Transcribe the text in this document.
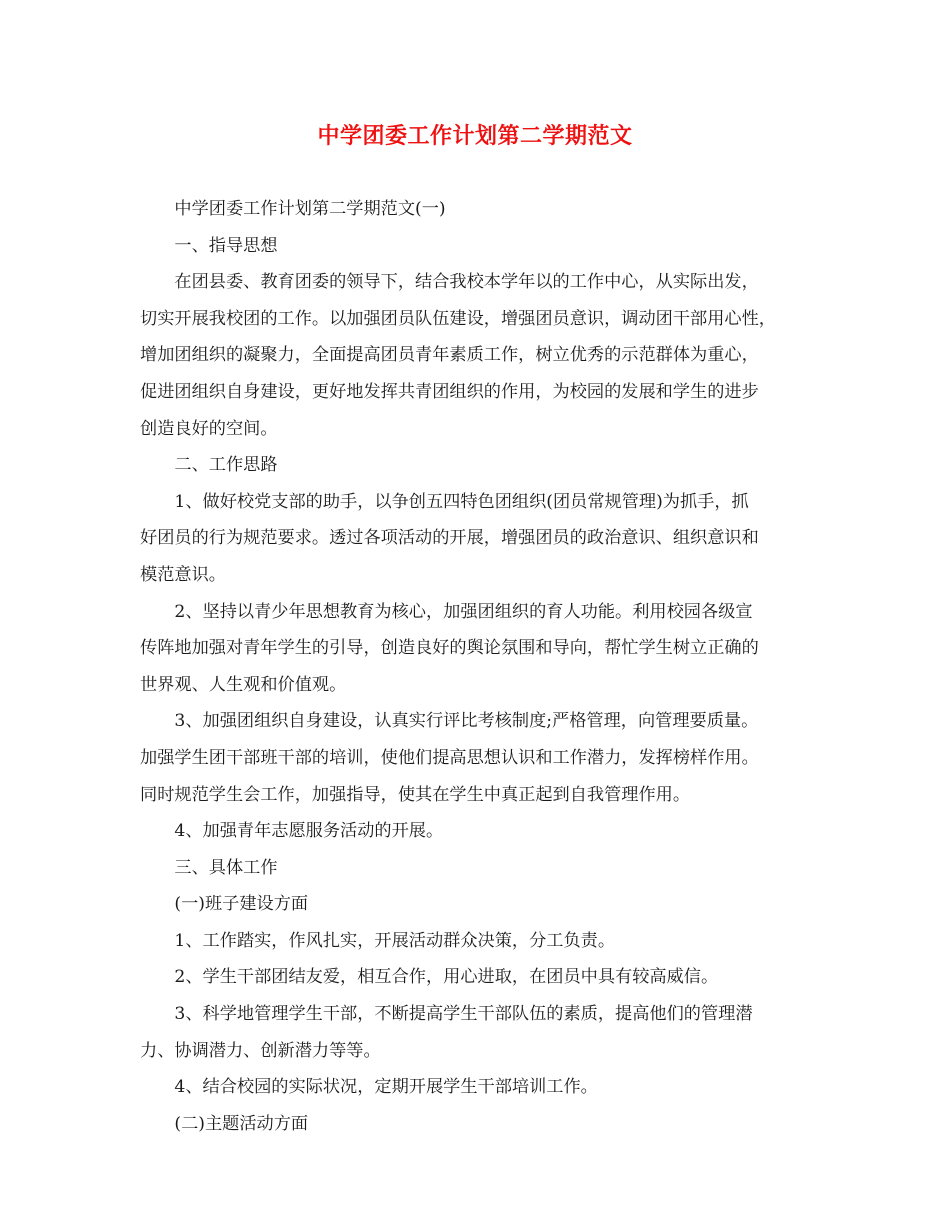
中学团委工作计划第二学期范文
中学团委工作计划第二学期范文(一)
一、指导思想
在团县委、教育团委的领导下，结合我校本学年以的工作中心，从实际出发，
切实开展我校团的工作。以加强团员队伍建设，增强团员意识，调动团干部用心性，
增加团组织的凝聚力，全面提高团员青年素质工作，树立优秀的示范群体为重心，
促进团组织自身建设，更好地发挥共青团组织的作用，为校园的发展和学生的进步
创造良好的空间。
二、工作思路
1、做好校党支部的助手，以争创五四特色团组织(团员常规管理)为抓手，抓
好团员的行为规范要求。透过各项活动的开展，增强团员的政治意识、组织意识和
模范意识。
2、坚持以青少年思想教育为核心，加强团组织的育人功能。利用校园各级宣
传阵地加强对青年学生的引导，创造良好的舆论氛围和导向，帮忙学生树立正确的
世界观、人生观和价值观。
3、加强团组织自身建设，认真实行评比考核制度;严格管理，向管理要质量。
加强学生团干部班干部的培训，使他们提高思想认识和工作潜力，发挥榜样作用。
同时规范学生会工作，加强指导，使其在学生中真正起到自我管理作用。
4、加强青年志愿服务活动的开展。
三、具体工作
(一)班子建设方面
1、工作踏实，作风扎实，开展活动群众决策，分工负责。
2、学生干部团结友爱，相互合作，用心进取，在团员中具有较高威信。
3、科学地管理学生干部，不断提高学生干部队伍的素质，提高他们的管理潜
力、协调潜力、创新潜力等等。
4、结合校园的实际状况，定期开展学生干部培训工作。
(二)主题活动方面
